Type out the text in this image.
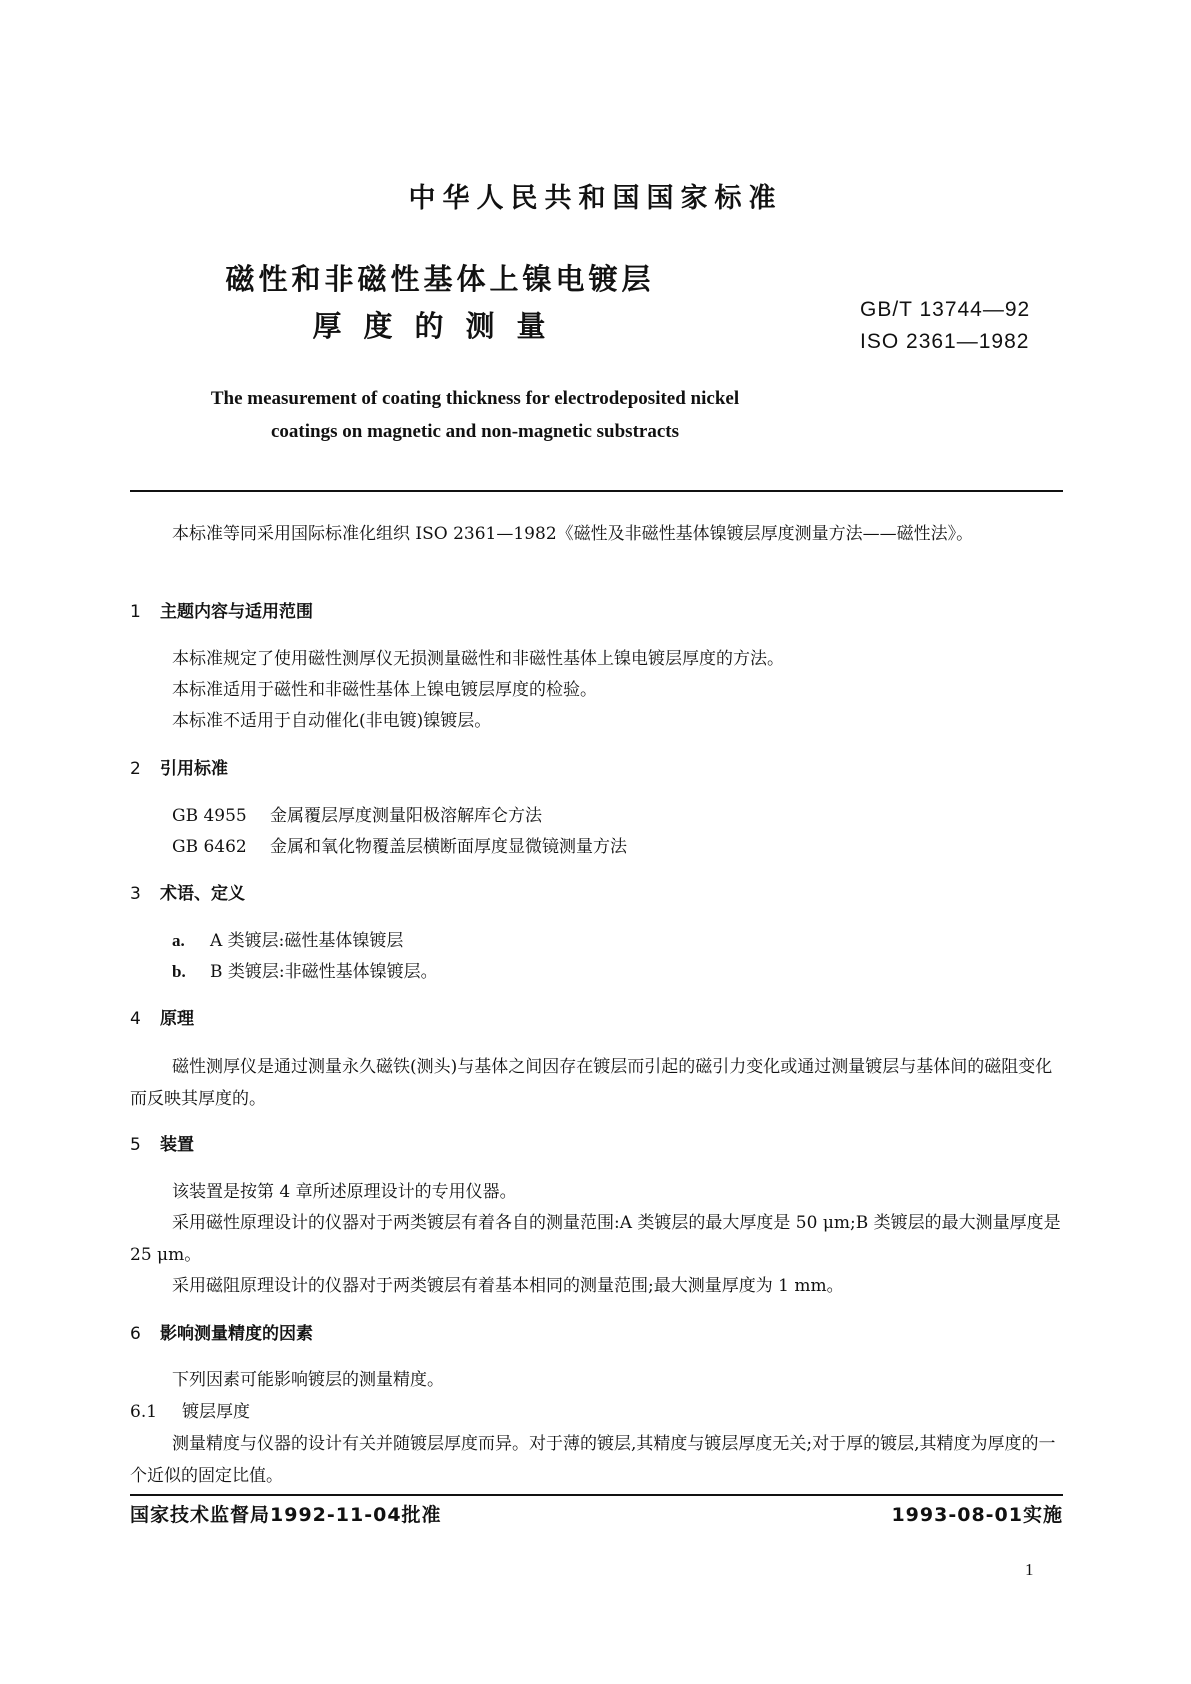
中华人民共和国国家标准
磁性和非磁性基体上镍电镀层
厚度的测量	GB/T 13744—92
ISO 2361—1982
The measurement of coating thickness for electrodeposited nickel
coatings on magnetic and non-magnetic substracts
本标准等同采用国际标准化组织 ISO 2361—1982《磁性及非磁性基体镍镀层厚度测量方法——磁性法》。
1 主题内容与适用范围
本标准规定了使用磁性测厚仪无损测量磁性和非磁性基体上镍电镀层厚度的方法。
本标准适用于磁性和非磁性基体上镍电镀层厚度的检验。
本标准不适用于自动催化(非电镀)镍镀层。
2 引用标准
GB 4955 金属覆层厚度测量阳极溶解库仑方法
GB 6462 金属和氧化物覆盖层横断面厚度显微镜测量方法
3 术语、定义
a. A 类镀层:磁性基体镍镀层
b. B 类镀层:非磁性基体镍镀层。
4 原理
磁性测厚仪是通过测量永久磁铁(测头)与基体之间因存在镀层而引起的磁引力变化或通过测量镀层与基体间的磁阻变化而反映其厚度的。
5 装置
该装置是按第 4 章所述原理设计的专用仪器。
采用磁性原理设计的仪器对于两类镀层有着各自的测量范围:A 类镀层的最大厚度是 50 μm;B 类镀层的最大测量厚度是 25 μm。
采用磁阻原理设计的仪器对于两类镀层有着基本相同的测量范围;最大测量厚度为 1 mm。
6 影响测量精度的因素
下列因素可能影响镀层的测量精度。
6.1 镀层厚度
测量精度与仪器的设计有关并随镀层厚度而异。对于薄的镀层,其精度与镀层厚度无关;对于厚的镀层,其精度为厚度的一个近似的固定比值。
国家技术监督局1992-11-04批准	1993-08-01实施
1
